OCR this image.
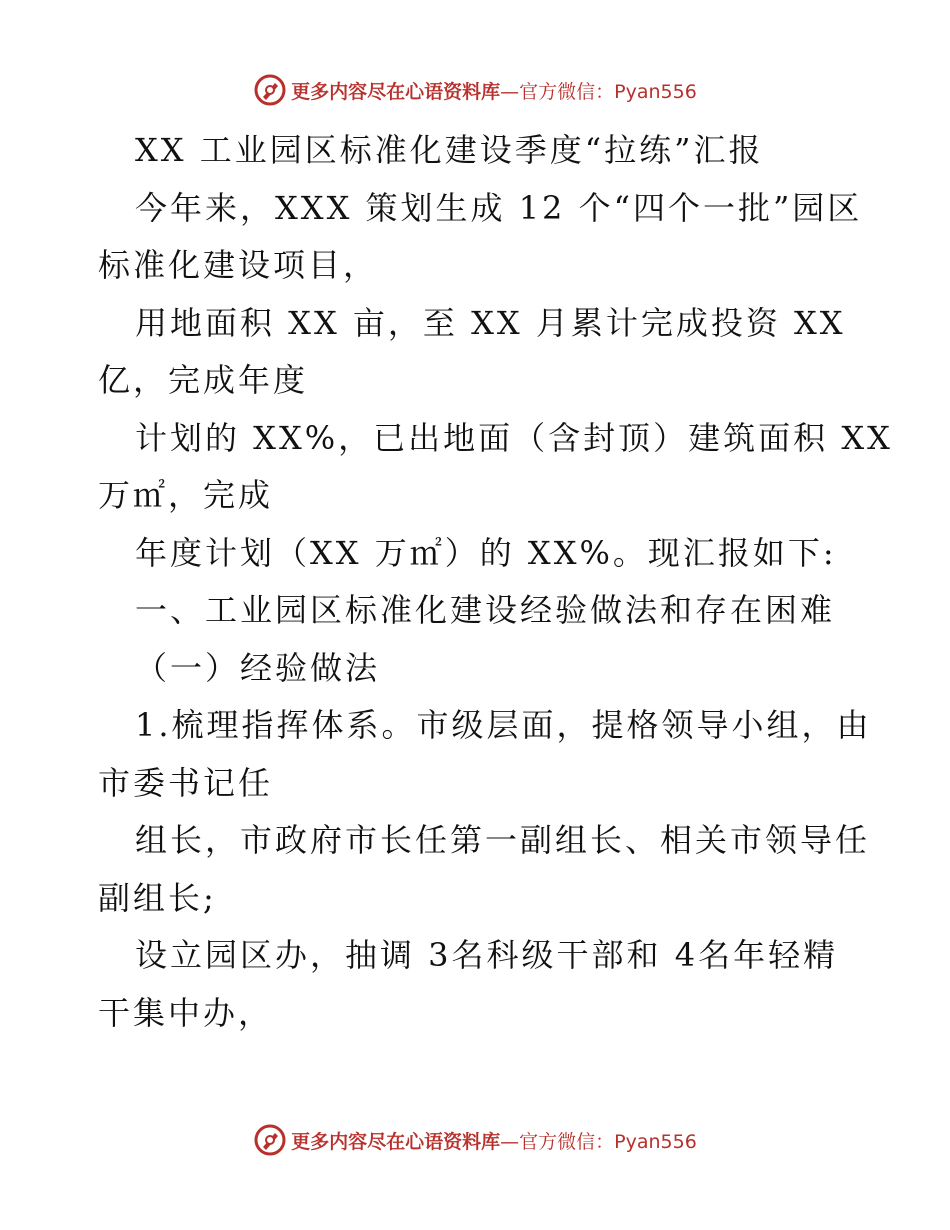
更多内容尽在心语资料库 —官方微信：Pyan556

XX 工业园区标准化建设季度“拉练”汇报

今年来，XXX 策划生成 12 个“四个一批”园区

标准化建设项目，

用地面积 XX 亩，至 XX 月累计完成投资 XX

亿，完成年度

计划的 XX%，已出地面（含封顶）建筑面积 XX

万㎡，完成

年度计划（XX 万㎡）的 XX%。现汇报如下:

一、工业园区标准化建设经验做法和存在困难

（一）经验做法

1.梳理指挥体系。市级层面，提格领导小组，由

市委书记任

组长，市政府市长任第一副组长、相关市领导任

副组长;

设立园区办，抽调 3名科级干部和 4名年轻精

干集中办，

更多内容尽在心语资料库 —官方微信：Pyan556
